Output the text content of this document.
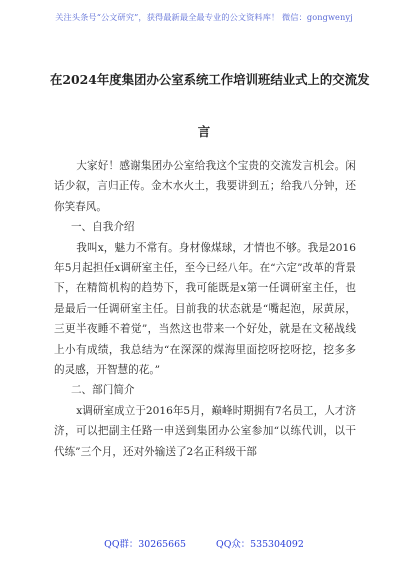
关注头条号“公文研究”，获得最新最全最专业的公文资料库！ 微信：gongwenyj
在2024年度集团办公室系统工作培训班结业式上的交流发
言

大家好！感谢集团办公室给我这个宝贵的交流发言机会。闲话少叙，言归正传。金木水火土，我要讲到五；给我八分钟，还你笑春风。

一、自我介绍

我叫x，魅力不常有。身材像煤球，才情也不够。我是2016年5月起担任x调研室主任，至今已经八年。在“六定”改革的背景下，在精简机构的趋势下，我可能既是x第一任调研室主任，也是最后一任调研室主任。目前我的状态就是“嘴起泡，尿黄尿，三更半夜睡不着觉”，当然这也带来一个好处，就是在文秘战线上小有成绩，我总结为“在深深的煤海里面挖呀挖呀挖，挖多多的灵感，开智慧的花。”

二、部门简介

x调研室成立于2016年5月，巅峰时期拥有7名员工，人才济济，可以把副主任路一申送到集团办公室参加“以练代训，以干代练”三个月，还对外输送了2名正科级干部

QQ群：30265665	QQ众：535304092
